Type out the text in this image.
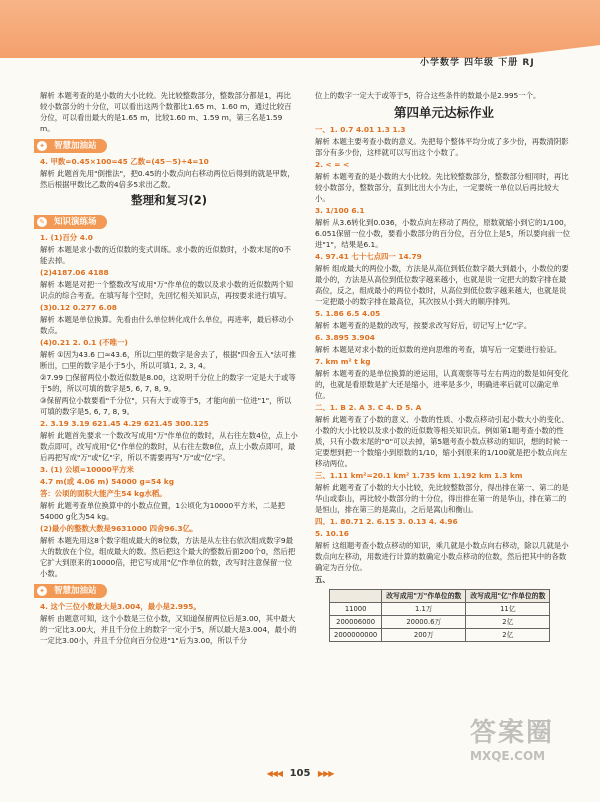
小学数学 四年级 下册 RJ

解析 本题考查的是小数的大小比较。先比较整数部分，整数部分都是1，再比较小数部分的十分位，可以看出这两个数都比1.65 m、1.60 m，通过比较百分位，可以看出最大的是1.65 m，比较1.60 m、1.59 m，第三名是1.59 m。

✦ 智慧加油站

4. 甲数=0.45×100=45 乙数=(45－5)÷4=10

解析 此题首先用"倒推法"，把0.45的小数点向右移动两位后得到的就是甲数，然后根据甲数比乙数的4倍多5求出乙数。

整理和复习(2)
✎ 知识演练场

1. (1)百分 4.0

解析 本题是求小数的近似数的变式训练。求小数的近似数时，小数末尾的0不能去掉。

(2)4187.06 4188

解析 本题是对把一个整数改写成用"万"作单位的数以及求小数的近似数两个知识点的综合考查。在填写每个空时，先回忆相关知识点，再按要求进行填写。

(3)0.12 0.277 6.08

解析 本题是单位换算。先看由什么单位转化成什么单位，再进率，最后移动小数点。

(4)0.21 2. 0.1 (不唯一)

解析 ①因为43.6 □≈43.6，所以□里的数字是舍去了，根据"四舍五入"法可推断出，□里的数字是小于5小，所以可填1, 2, 3, 4。

②7.99 □保留两位小数近似数是8.00，这说明千分位上的数字一定是大于或等于5的，所以可填的数字是5, 6, 7, 8, 9。

③保留两位小数要看"千分位"，只有大于或等于5，才能向前一位进"1"，所以可填的数字是5, 6, 7, 8, 9。

2. 3.19 3.19 621.45 4.29 621.45 300.125

解析 此题首先要求一个数改写成用"万"作单位的数时，从右往左数4位，点上小数点即可，改写成用"亿"作单位的数时，从右往左数8位，点上小数点即可，最后再把写成"万"或"亿"字，所以不需要再写"万"或"亿"字。

3. (1) 公顷=10000平方米

4.7 m(或 4.06 m) 54000 g=54 kg

答：公顷的面积大能产生54 kg水稻。

解析 此题考查单位换算中的小数点位置，1公顷化为10000平方米，二是把54000 g化为54 kg。

(2)最小的整数大数是9631000 四舍96.3亿。

解析 本题先用这8个数字组成最大的8位数，方法是从左往右依次组成数字9最大的数放在个位，组成最大的数。然后把这个最大的整数后面200个0，然后把它扩大到原来的10000倍，把它写成用"亿"作单位的数，改写时注意保留一位小数。

✦ 智慧加油站

4. 这个三位小数最大是3.004，最小是2.995。

解析 由题意可知，这个小数是三位小数，又知道保留两位后是3.00，其中最大的一定比3.00大，并且千分位上的数字一定小于5，所以最大是3.004，最小的一定比3.00小，并且千分位向百分位进"1"后为3.00，所以千分

位上的数字一定大于或等于5，符合这些条件的数最小是2.995一个。

第四单元达标作业

一、1. 0.7 4.01 1.3 1.3

解析 本题主要考查小数的意义。先把每个整体平均分成了多少份，再数清阴影部分有多少份，这样就可以写出这个小数了。

2. < = <

解析 本题考查的是小数的大小比较。先比较整数部分，整数部分相同时，再比较小数部分，整数部分，直到比出大小为止，一定要统一单位以后再比较大小。

3. 1/100 6.1

解析 从3.6转化到0.036，小数点向左移动了两位，原数就缩小到它的1/100，6.051保留一位小数，要看小数部分的百分位，百分位上是5，所以要向前一位进"1"，结果是6.1。

4. 97.41 七十七点四一 14.79

解析 组成最大的两位小数，方法是从高位到低位数字最大到最小，小数位的要最小的，方法是从高位到低位数字越来越小，也就是说一定把大的数字排在最高位，反之，组成最小的两位小数时，从高位到低位数字越来越大，也就是说一定把最小的数字排在最高位，其次按从小到大的顺序排列。

5. 1.86 6.5 4.05

解析 本题考查的是数的改写，按要求改写好后，切记写上"亿"字。

6. 3.895 3.904

解析 本题是对求小数的近似数的逆向思维的考查，填写后一定要进行验证。

7. km m² t kg

解析 本题考查的是单位换算的逆运用，认真观察等号左右两边的数是如何变化的，也就是看原数是扩大还是缩小，进率是多少，明确进率后就可以确定单位。

二、1. B 2. A 3. C 4. D 5. A

解析 此题考查了小数的意义、小数的性质、小数点移动引起小数大小的变化、小数的大小比较以及求小数的近似数等相关知识点。例如第1题考查小数的性质，只有小数末尾的"0"可以去掉，第5题考查小数点移动的知识，想的时候一定要想到把一个数缩小到原数的1/10，缩小到原来的1/100就是把小数点向左移动两位。

三、1.11 km²=20.1 km² 1.735 km 1.192 km 1.3 km

解析 此题考查了小数的大小比较，先比较整数部分，得出排在第一、第二的是华山或泰山，再比较小数部分的十分位，得出排在第一的是华山，排在第二的是恒山，排在第三的是嵩山，之后是嵩山和衡山。

四、1. 80.71 2. 6.15 3. 0.13 4. 4.96

5. 10.16

解析 这组题考查小数点移动的知识，乘几就是小数点向右移动，除以几就是小数点向左移动，用数进行计算的数确定小数点移动的位数，然后把其中的各数确定为百分位。

五、

	改写成用"万"作单位的数	改写成用"亿"作单位的数
11000	1.1万	11亿
200006000	20000.6万	2亿
2000000000	200万	2亿
答案圈
MXQE.COM
◀◀◀ 105 ▶▶▶
